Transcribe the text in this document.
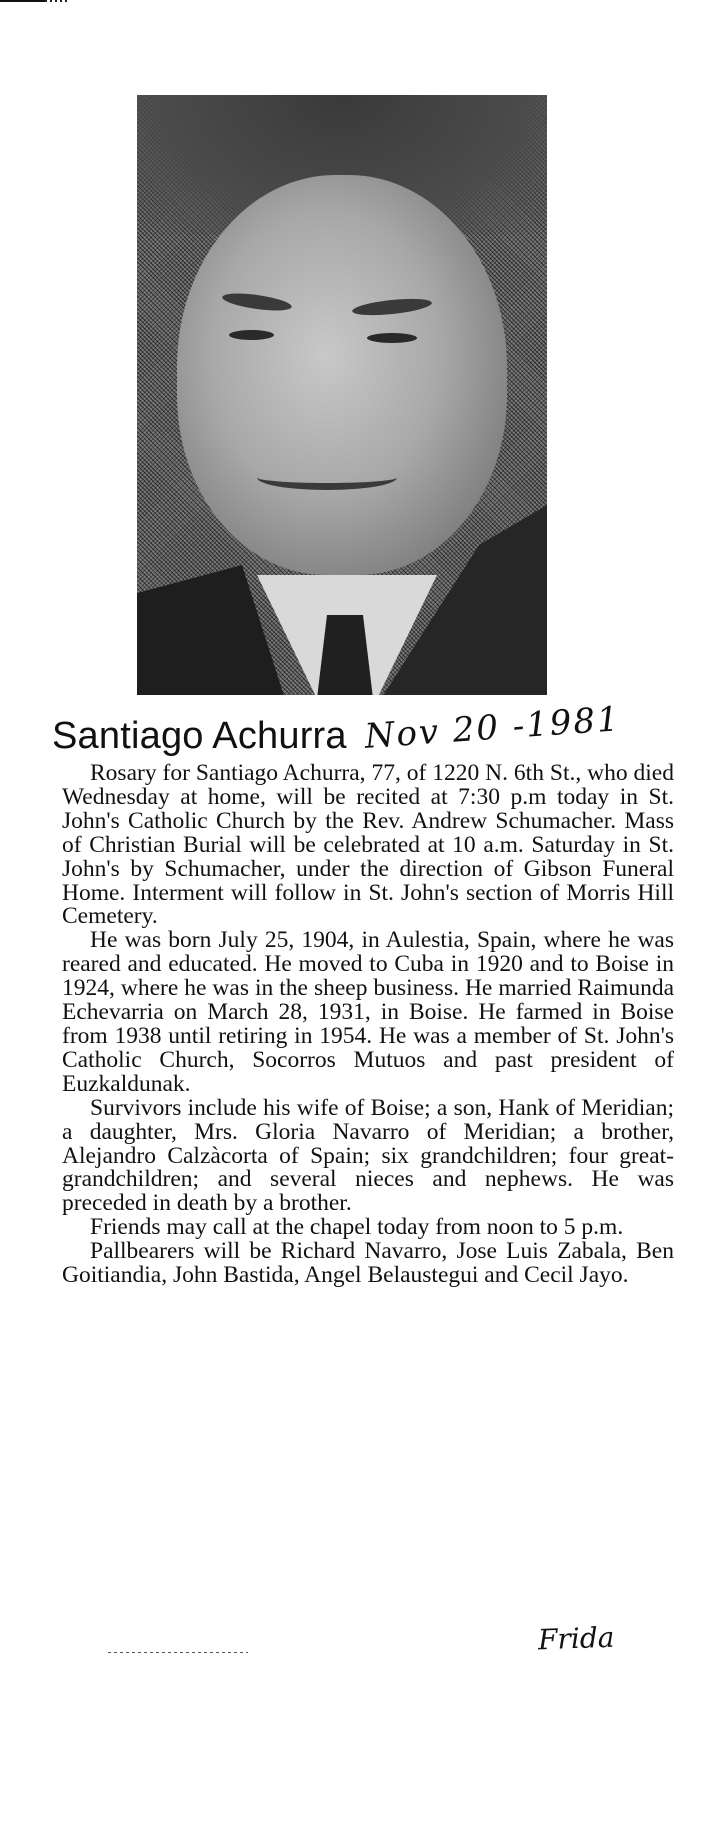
Santiago Achurra Nov 20 -1981

Rosary for Santiago Achurra, 77, of 1220 N. 6th St., who died Wednesday at home, will be recited at 7:30 p.m today in St. John's Catholic Church by the Rev. Andrew Schumacher. Mass of Christian Burial will be celebrated at 10 a.m. Saturday in St. John's by Schumacher, under the direction of Gibson Funeral Home. Interment will follow in St. John's section of Morris Hill Cemetery.

He was born July 25, 1904, in Aulestia, Spain, where he was reared and educated. He moved to Cuba in 1920 and to Boise in 1924, where he was in the sheep business. He married Raimunda Echevarria on March 28, 1931, in Boise. He farmed in Boise from 1938 until retiring in 1954. He was a member of St. John's Catholic Church, Socorros Mutuos and past president of Euzkaldunak.

Survivors include his wife of Boise; a son, Hank of Meridian; a daughter, Mrs. Gloria Navarro of Meridian; a brother, Alejandro Calzàcorta of Spain; six grandchildren; four great-grandchildren; and several nieces and nephews. He was preceded in death by a brother.

Friends may call at the chapel today from noon to 5 p.m.

Pallbearers will be Richard Navarro, Jose Luis Zabala, Ben Goitiandia, John Bastida, Angel Belaustegui and Cecil Jayo.

Frida
